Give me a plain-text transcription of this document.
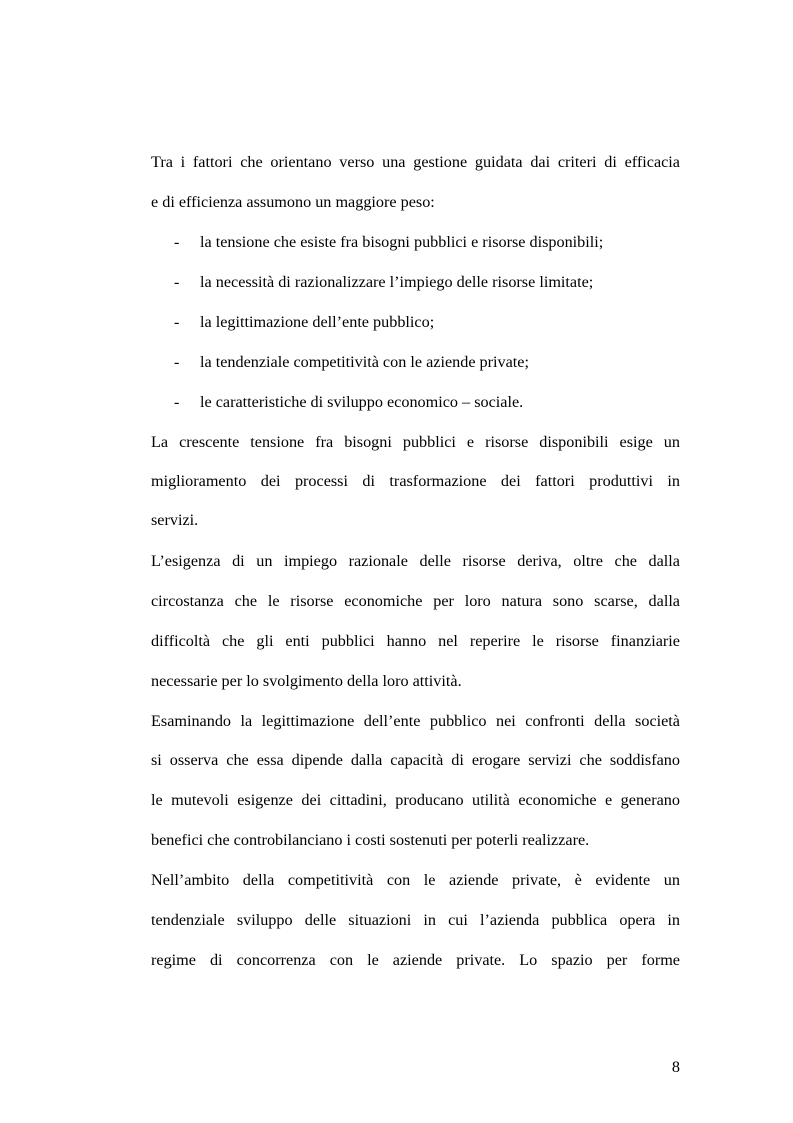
Tra i fattori che orientano verso una gestione guidata dai criteri di efficacia
e di efficienza assumono un maggiore peso:
-	la tensione che esiste fra bisogni pubblici e risorse disponibili;
-	la necessità di razionalizzare l’impiego delle risorse limitate;
-	la legittimazione dell’ente pubblico;
-	la tendenziale competitività con le aziende private;
-	le caratteristiche di sviluppo economico – sociale.
La crescente tensione fra bisogni pubblici e risorse disponibili esige un
miglioramento dei processi di trasformazione dei fattori produttivi in
servizi.
L’esigenza di un impiego razionale delle risorse deriva, oltre che dalla
circostanza che le risorse economiche per loro natura sono scarse, dalla
difficoltà che gli enti pubblici hanno nel reperire le risorse finanziarie
necessarie per lo svolgimento della loro attività.
Esaminando la legittimazione dell’ente pubblico nei confronti della società
si osserva che essa dipende dalla capacità di erogare servizi che soddisfano
le mutevoli esigenze dei cittadini, producano utilità economiche e generano
benefici che controbilanciano i costi sostenuti per poterli realizzare.
Nell’ambito della competitività con le aziende private, è evidente un
tendenziale sviluppo delle situazioni in cui l’azienda pubblica opera in
regime di concorrenza con le aziende private. Lo spazio per forme
8
